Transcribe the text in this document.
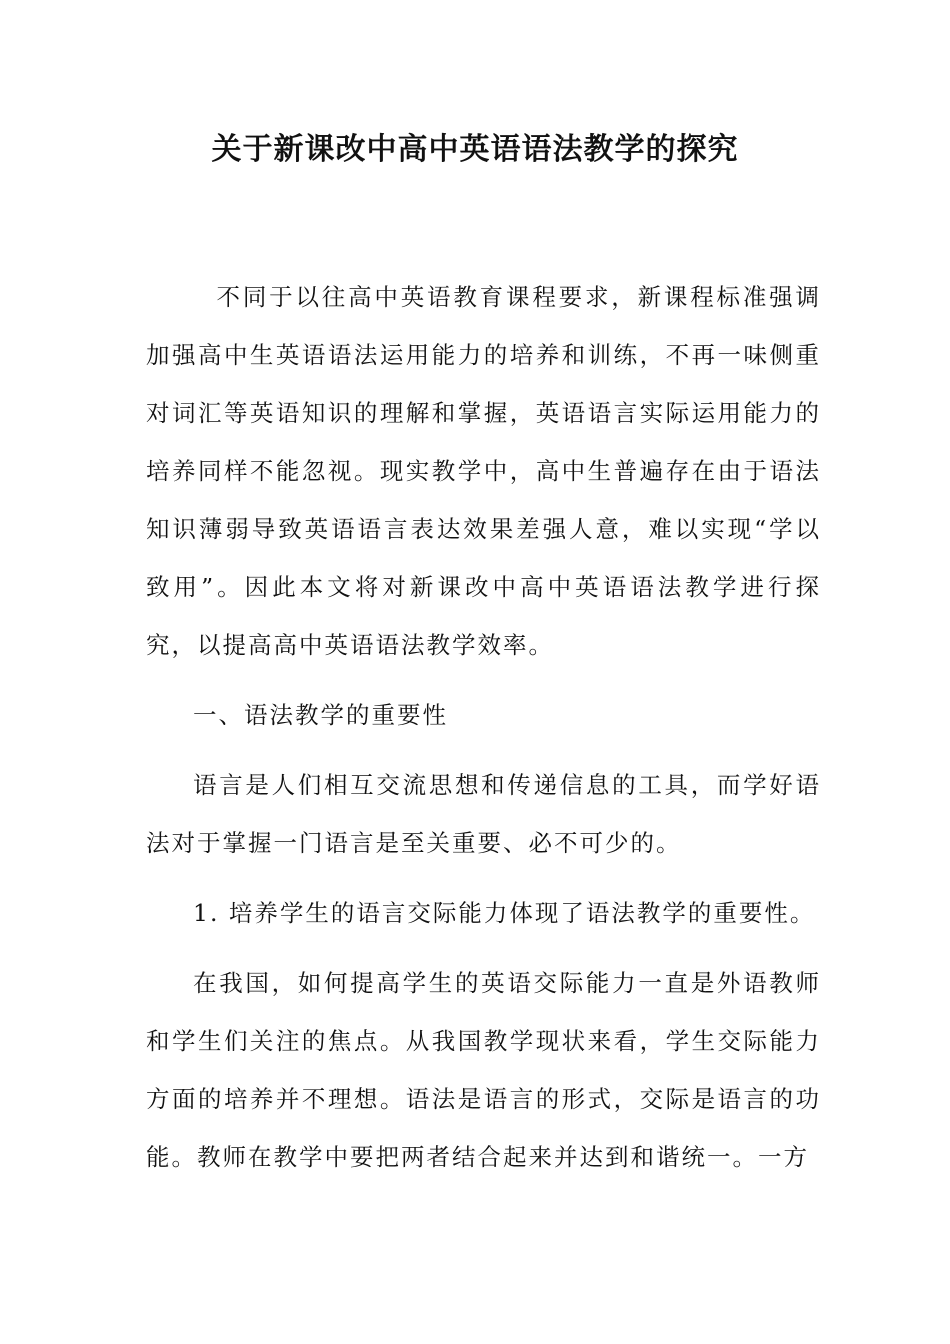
关于新课改中高中英语语法教学的探究

不同于以往高中英语教育课程要求，新课程标准强调加强高中生英语语法运用能力的培养和训练，不再一味侧重对词汇等英语知识的理解和掌握，英语语言实际运用能力的培养同样不能忽视。现实教学中，高中生普遍存在由于语法知识薄弱导致英语语言表达效果差强人意，难以实现“学以致用”。因此本文将对新课改中高中英语语法教学进行探究，以提高高中英语语法教学效率。

一、语法教学的重要性

语言是人们相互交流思想和传递信息的工具，而学好语法对于掌握一门语言是至关重要、必不可少的。

1. 培养学生的语言交际能力体现了语法教学的重要性。

在我国，如何提高学生的英语交际能力一直是外语教师和学生们关注的焦点。从我国教学现状来看，学生交际能力方面的培养并不理想。语法是语言的形式，交际是语言的功能。教师在教学中要把两者结合起来并达到和谐统一。一方
